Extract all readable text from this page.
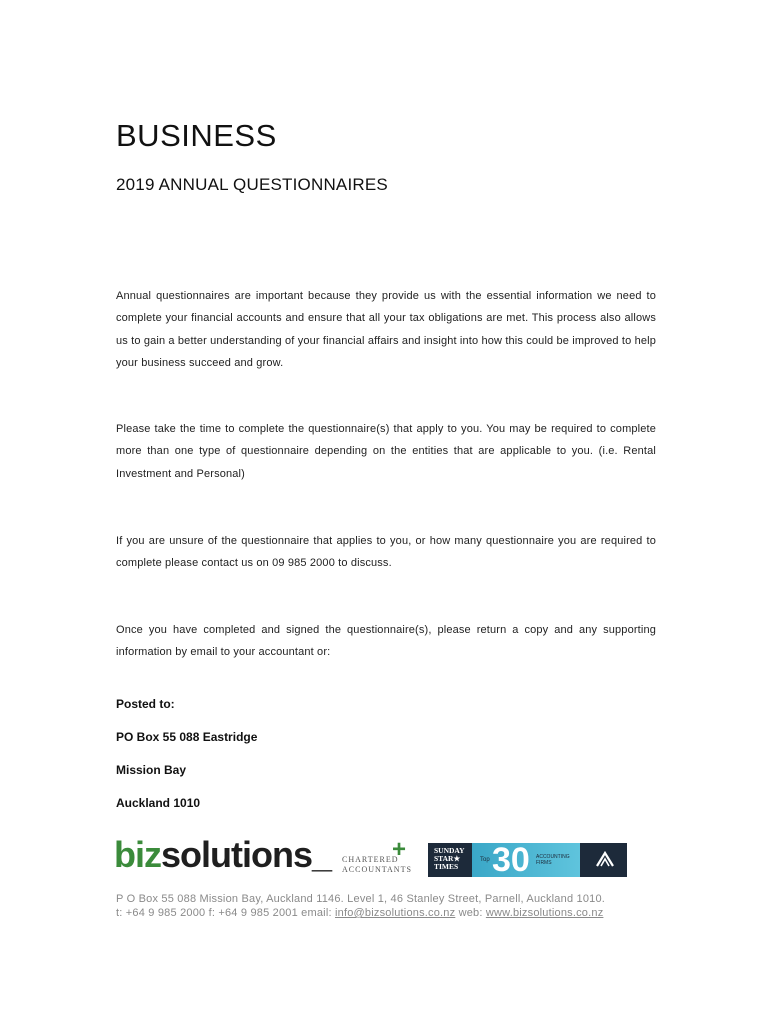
BUSINESS
2019 ANNUAL QUESTIONNAIRES
Annual questionnaires are important because they provide us with the essential information we need to complete your financial accounts and ensure that all your tax obligations are met. This process also allows us to gain a better understanding of your financial affairs and insight into how this could be improved to help your business succeed and grow.
Please take the time to complete the questionnaire(s) that apply to you. You may be required to complete more than one type of questionnaire depending on the entities that are applicable to you. (i.e. Rental Investment and Personal)
If you are unsure of the questionnaire that applies to you, or how many questionnaire you are required to complete please contact us on 09 985 2000 to discuss.
Once you have completed and signed the questionnaire(s), please return a copy and any supporting information by email to your accountant or:
Posted to:
PO Box 55 088 Eastridge
Mission Bay
Auckland 1010
bizsolutions_ CHARTERED
ACCOUNTANTS
+	SUNDAY
STAR★
TIMES
Top 30 ACCOUNTING FIRMS
P O Box 55 088 Mission Bay, Auckland 1146. Level 1, 46 Stanley Street, Parnell, Auckland 1010.
t: +64 9 985 2000 f: +64 9 985 2001 email: info@bizsolutions.co.nz web: www.bizsolutions.co.nz
